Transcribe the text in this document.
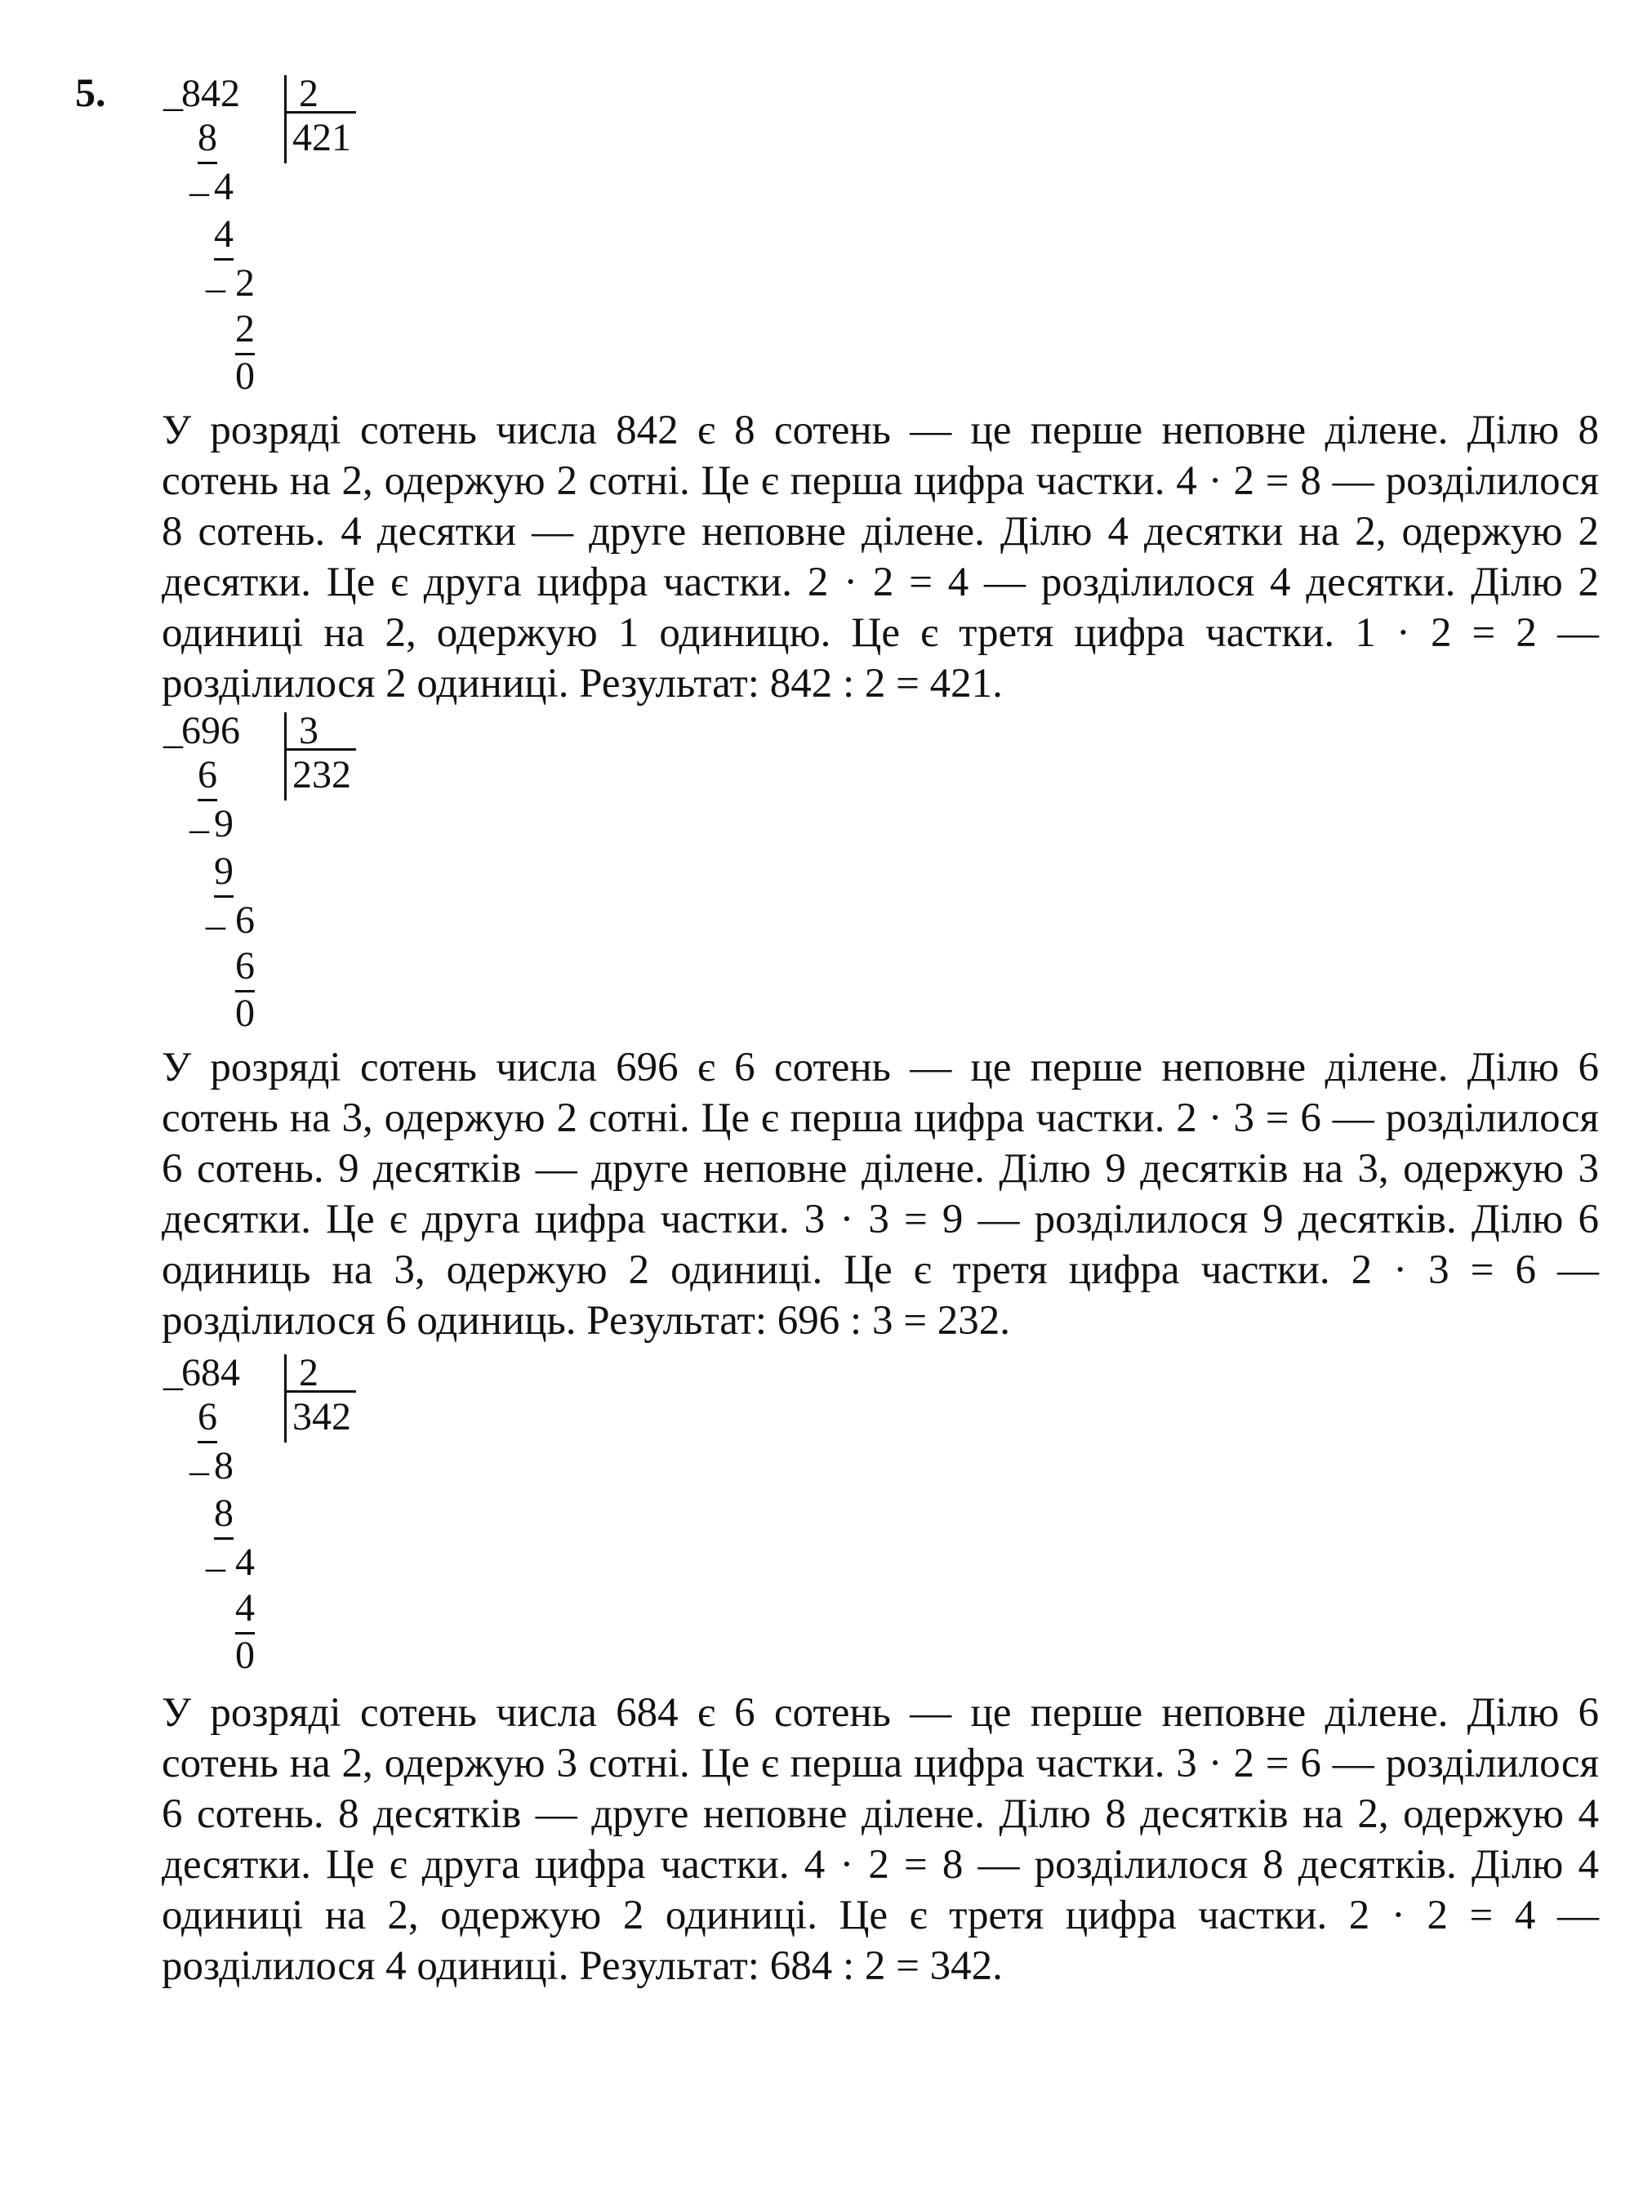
5. _
842 2
421
8
_ 4
4
_ 2
2
0

У розряді сотень числа 842 є 8 сотень — це перше неповне ділене. Ділю 8 сотень на 2, одержую 2 сотні. Це є перша цифра частки. 4 · 2 = 8 — розділилося 8 сотень. 4 десятки — друге неповне ділене. Ділю 4 десятки на 2, одержую 2 десятки. Це є друга цифра частки. 2 · 2 = 4 — розділилося 4 десятки. Ділю 2 одиниці на 2, одержую 1 одиницю. Це є третя цифра частки. 1 · 2 = 2 — розділилося 2 одиниці. Результат: 842 : 2 = 421.

_
696 3
232
6
_ 9
9
_ 6
6
0

У розряді сотень числа 696 є 6 сотень — це перше неповне ділене. Ділю 6 сотень на 3, одержую 2 сотні. Це є перша цифра частки. 2 · 3 = 6 — розділилося 6 сотень. 9 десятків — друге неповне ділене. Ділю 9 десятків на 3, одержую 3 десятки. Це є друга цифра частки. 3 · 3 = 9 — розділилося 9 десятків. Ділю 6 одиниць на 3, одержую 2 одиниці. Це є третя цифра частки. 2 · 3 = 6 — розділилося 6 одиниць. Результат: 696 : 3 = 232.

_
684 2
342
6
_ 8
8
_ 4
4
0

У розряді сотень числа 684 є 6 сотень — це перше неповне ділене. Ділю 6 сотень на 2, одержую 3 сотні. Це є перша цифра частки. 3 · 2 = 6 — розділилося 6 сотень. 8 десятків — друге неповне ділене. Ділю 8 десятків на 2, одержую 4 десятки. Це є друга цифра частки. 4 · 2 = 8 — розділилося 8 десятків. Ділю 4 одиниці на 2, одержую 2 одиниці. Це є третя цифра частки. 2 · 2 = 4 — розділилося 4 одиниці. Результат: 684 : 2 = 342.
